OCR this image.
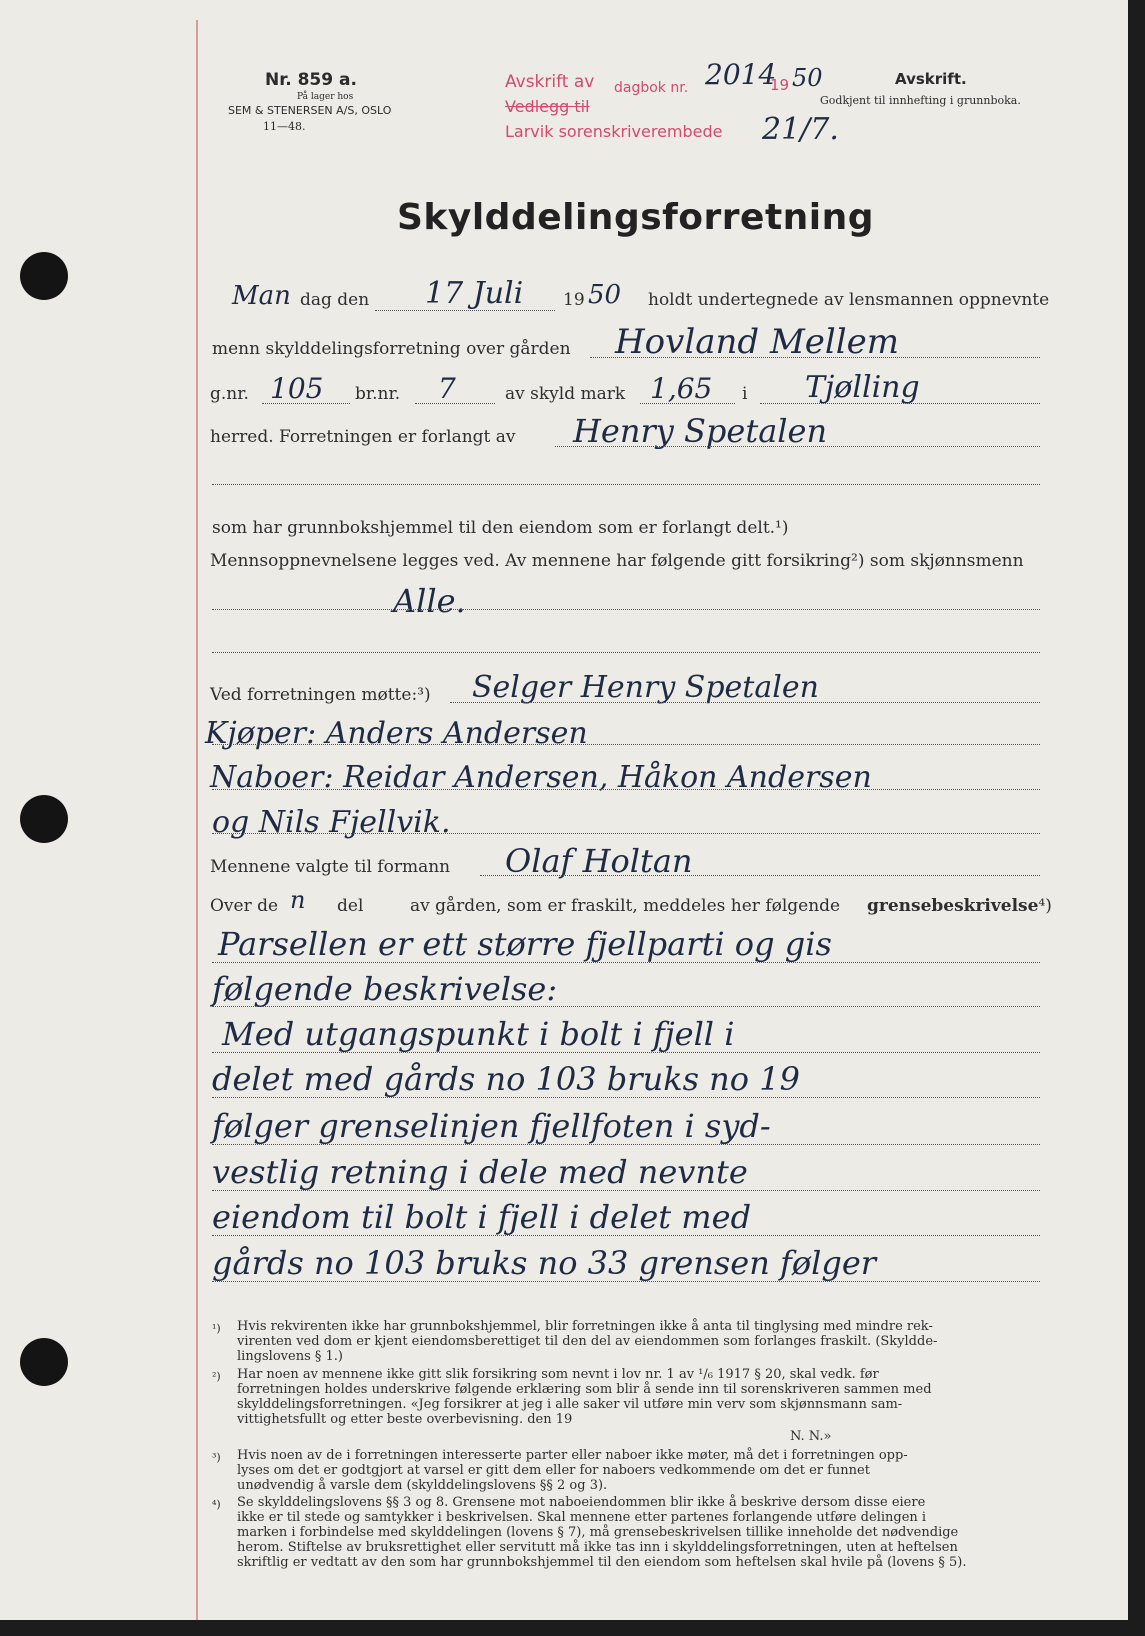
Nr. 859 a.
På lager hos
SEM & STENERSEN A/S, OSLO
11—48.
Avskrift av dagbok nr. 2014
19 50
Vedlegg til
Larvik sorenskriverembede 21/7.
Avskrift.
Godkjent til innhefting i grunnboka.
Skylddelingsforretning
Man dag den 17 Juli 19 50 holdt undertegnede av lensmannen oppnevnte
menn skylddelingsforretning over gården Hovland Mellem
g.nr. 105 br.nr. 7	av skyld mark 1,65 i Tjølling
herred. Forretningen er forlangt av Henry Spetalen
som har grunnbokshjemmel til den eiendom som er forlangt delt.¹)
Mennsoppnevnelsene legges ved. Av mennene har følgende gitt forsikring²) som skjønnsmenn
Alle.
Ved forretningen møtte:³) Selger Henry Spetalen
Kjøper: Anders Andersen
Naboer: Reidar Andersen, Håkon Andersen
og Nils Fjellvik.
Mennene valgte til formann Olaf Holtan
Over de n del	av gården, som er fraskilt, meddeles her følgende grensebeskrivelse⁴)
Parsellen er ett større fjellparti og gis
følgende beskrivelse:
Med utgangspunkt i bolt i fjell i
delet med gårds no 103 bruks no 19
følger grenselinjen fjellfoten i syd-
vestlig retning i dele med nevnte
eiendom til bolt i fjell i delet med
gårds no 103 bruks no 33 grensen følger
¹) Hvis rekvirenten ikke har grunnbokshjemmel, blir forretningen ikke å anta til tinglysing med mindre rek-
virenten ved dom er kjent eiendomsberettiget til den del av eiendommen som forlanges fraskilt. (Skyldde-
lingslovens § 1.)
²) Har noen av mennene ikke gitt slik forsikring som nevnt i lov nr. 1 av ¹/₆ 1917 § 20, skal vedk. før
forretningen holdes underskrive følgende erklæring som blir å sende inn til sorenskriveren sammen med
skylddelingsforretningen. «Jeg forsikrer at jeg i alle saker vil utføre min verv som skjønnsmann sam-
vittighetsfullt og etter beste overbevisning. den 19
N. N.»
³) Hvis noen av de i forretningen interesserte parter eller naboer ikke møter, må det i forretningen opp-
lyses om det er godtgjort at varsel er gitt dem eller for naboers vedkommende om det er funnet
unødvendig å varsle dem (skylddelingslovens §§ 2 og 3).
⁴) Se skylddelingslovens §§ 3 og 8. Grensene mot naboeiendommen blir ikke å beskrive dersom disse eiere
ikke er til stede og samtykker i beskrivelsen. Skal mennene etter partenes forlangende utføre delingen i
marken i forbindelse med skylddelingen (lovens § 7), må grensebeskrivelsen tillike inneholde det nødvendige
herom. Stiftelse av bruksrettighet eller servitutt må ikke tas inn i skylddelingsforretningen, uten at heftelsen
skriftlig er vedtatt av den som har grunnbokshjemmel til den eiendom som heftelsen skal hvile på (lovens § 5).
